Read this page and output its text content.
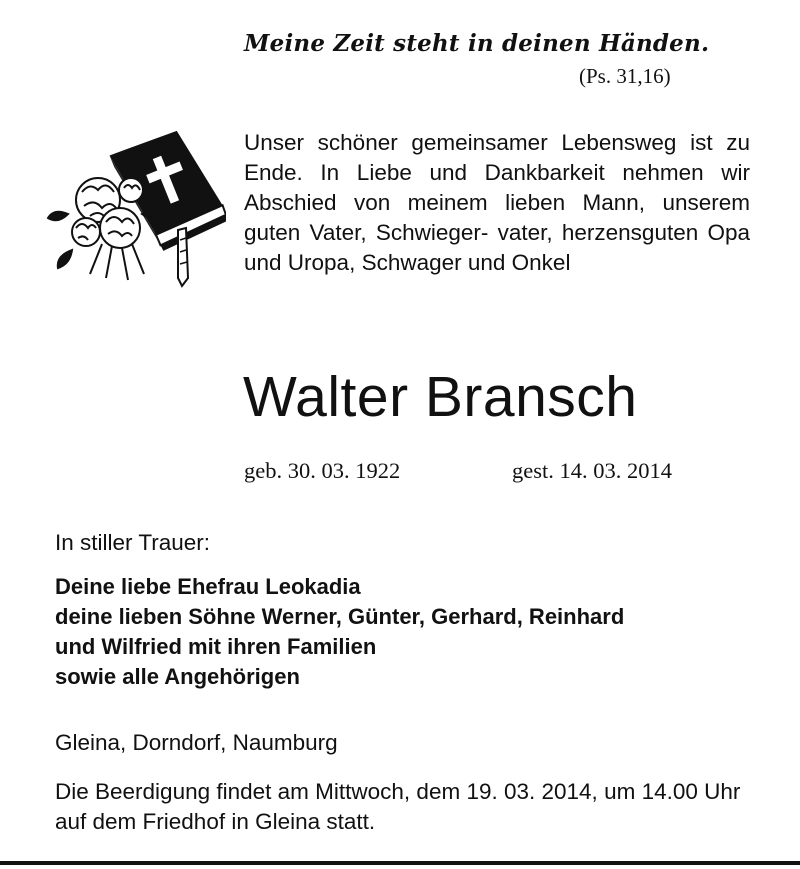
Meine Zeit steht in deinen Händen.
(Ps. 31,16)
Unser schöner gemeinsamer Lebensweg ist zu Ende. In Liebe und Dankbarkeit nehmen wir Abschied von meinem lieben Mann, unserem guten Vater, Schwieger- vater, herzensguten Opa und Uropa, Schwager und Onkel
Walter Bransch
geb. 30. 03. 1922	gest. 14. 03. 2014
In stiller Trauer:
Deine liebe Ehefrau Leokadia
deine lieben Söhne Werner, Günter, Gerhard, Reinhard
und Wilfried mit ihren Familien
sowie alle Angehörigen
Gleina, Dorndorf, Naumburg
Die Beerdigung findet am Mittwoch, dem 19. 03. 2014, um 14.00 Uhr auf dem Friedhof in Gleina statt.
